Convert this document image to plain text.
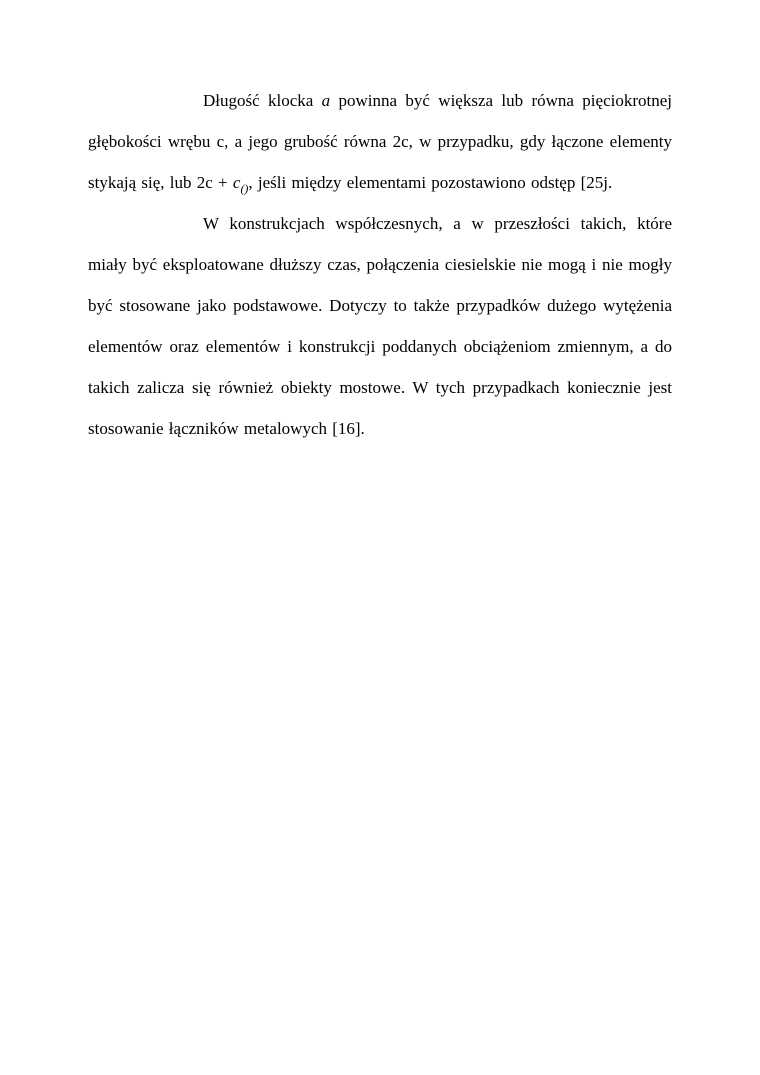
Długość klocka a powinna być większa lub równa pięciokrotnej głębokości wrębu c, a jego grubość równa 2c, w przypadku, gdy łączone elementy stykają się, lub $2c + c_{()}$, jeśli między elementami pozostawiono odstęp [25j.

W konstrukcjach współczesnych, a w przeszłości takich, które miały być eksploatowane dłuższy czas, połączenia ciesielskie nie mogą i nie mogły być stosowane jako podstawowe. Dotyczy to także przypadków dużego wytężenia elementów oraz elementów i konstrukcji poddanych obciążeniom zmiennym, a do takich zalicza się również obiekty mostowe. W tych przypadkach koniecznie jest stosowanie łączników metalowych [16].
